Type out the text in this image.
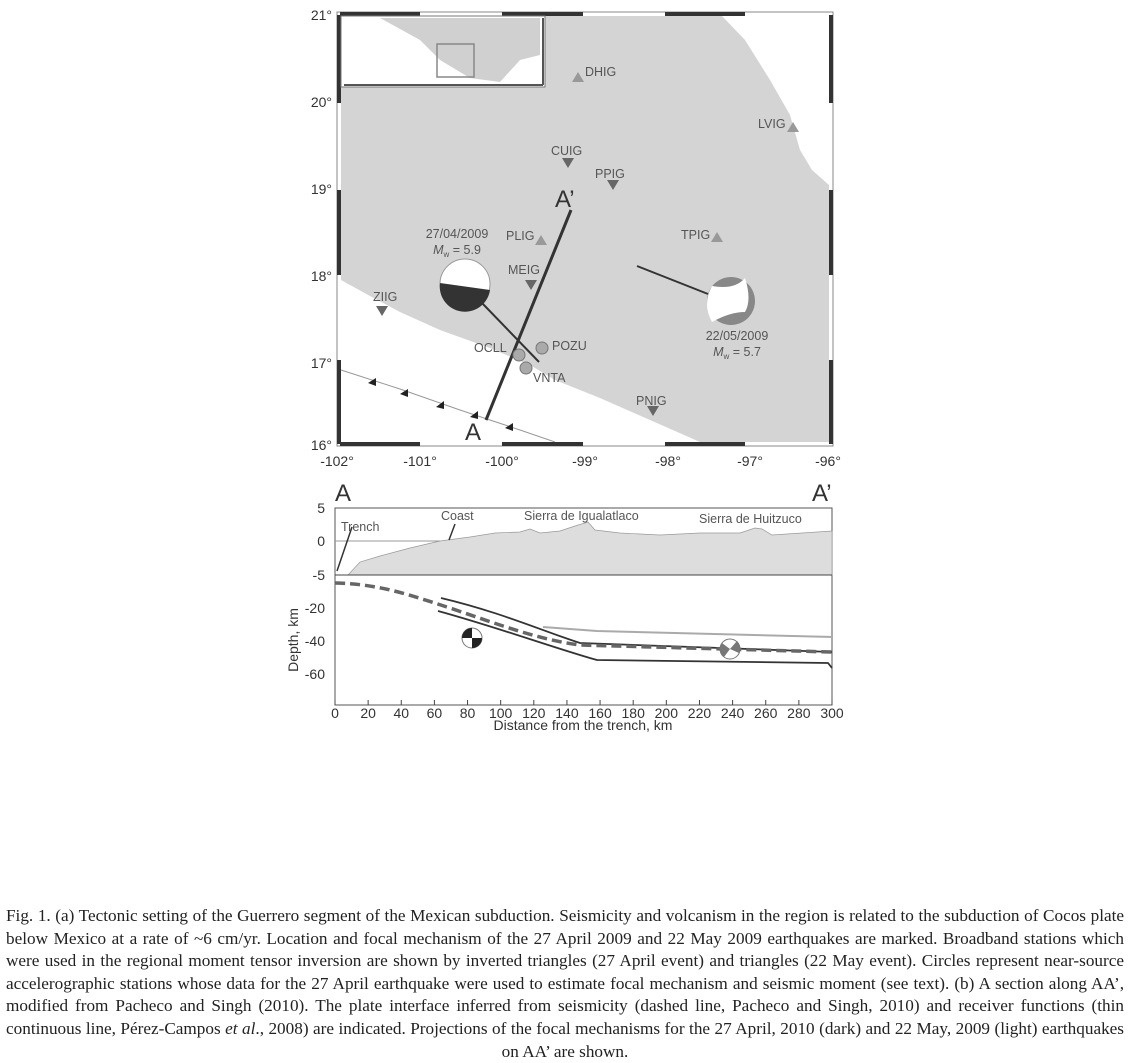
A
A’
27/04/2009
$M_w = 5.9$
22/05/2009
$M_w = 5.7$
CUIG
PPIG
MEIG
ZIIG
PNIG
DHIG
LVIG
TPIG
PLIG
OCLL	POZU
VNTA
21°
20°
19°
18°
17°
16°
-102°	-101°	-100°	-99°	-98°	-97°	-96°
A	A’
Trench
Coast	Sierra de Igualatlaco	Sierra de Huitzuco
5
0
-5
-20
-40
-60
Depth, km
0 20 40 60 80 100 120 140 160 180 200 220 240 260 280 300
Distance from the trench, km
Fig. 1. (a) Tectonic setting of the Guerrero segment of the Mexican subduction. Seismicity and volcanism in the region is related to the subduction of Cocos plate below Mexico at a rate of ~6 cm/yr. Location and focal mechanism of the 27 April 2009 and 22 May 2009 earthquakes are marked. Broadband stations which were used in the regional moment tensor inversion are shown by inverted triangles (27 April event) and triangles (22 May event). Circles represent near-source accelerographic stations whose data for the 27 April earthquake were used to estimate focal mechanism and seismic moment (see text). (b) A section along AA’, modified from Pacheco and Singh (2010). The plate interface inferred from seismicity (dashed line, Pacheco and Singh, 2010) and receiver functions (thin continuous line, Pérez-Campos et al., 2008) are indicated. Projections of the focal mechanisms for the 27 April, 2010 (dark) and 22 May, 2009 (light) earthquakes on AA’ are shown.
